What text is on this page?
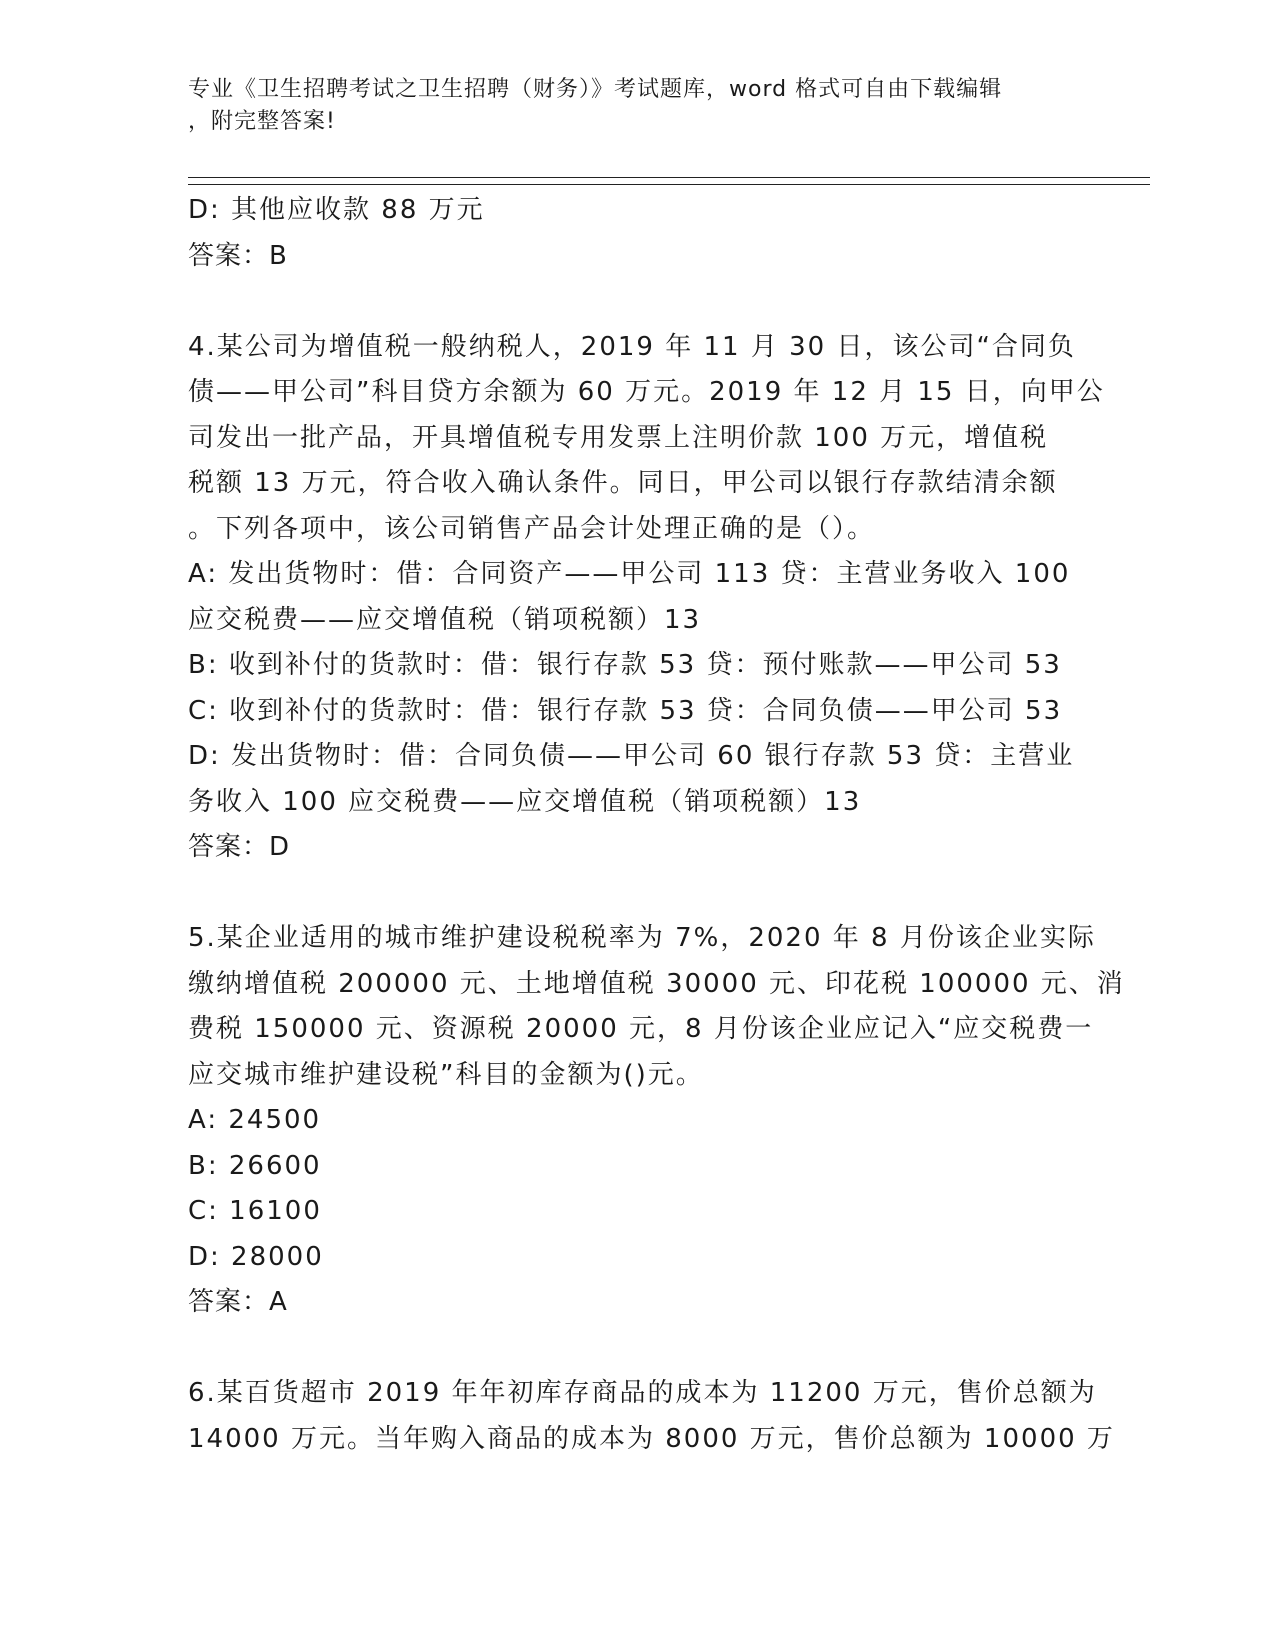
专业《卫生招聘考试之卫生招聘（财务）》考试题库，word 格式可自由下载编辑
，附完整答案!
D: 其他应收款 88 万元
答案：B
4.某公司为增值税一般纳税人，2019 年 11 月 30 日，该公司“合同负
债——甲公司”科目贷方余额为 60 万元。2019 年 12 月 15 日，向甲公
司发出一批产品，开具增值税专用发票上注明价款 100 万元，增值税
税额 13 万元，符合收入确认条件。同日，甲公司以银行存款结清余额
。下列各项中，该公司销售产品会计处理正确的是（）。
A: 发出货物时：借：合同资产——甲公司 113 贷：主营业务收入 100
应交税费——应交增值税（销项税额）13
B: 收到补付的货款时：借：银行存款 53 贷：预付账款——甲公司 53
C: 收到补付的货款时：借：银行存款 53 贷：合同负债——甲公司 53
D: 发出货物时：借：合同负债——甲公司 60 银行存款 53 贷：主营业
务收入 100 应交税费——应交增值税（销项税额）13
答案：D
5.某企业适用的城市维护建设税税率为 7%，2020 年 8 月份该企业实际
缴纳增值税 200000 元、土地增值税 30000 元、印花税 100000 元、消
费税 150000 元、资源税 20000 元，8 月份该企业应记入“应交税费一
应交城市维护建设税”科目的金额为()元。
A: 24500
B: 26600
C: 16100
D: 28000
答案：A
6.某百货超市 2019 年年初库存商品的成本为 11200 万元，售价总额为
14000 万元。当年购入商品的成本为 8000 万元，售价总额为 10000 万
